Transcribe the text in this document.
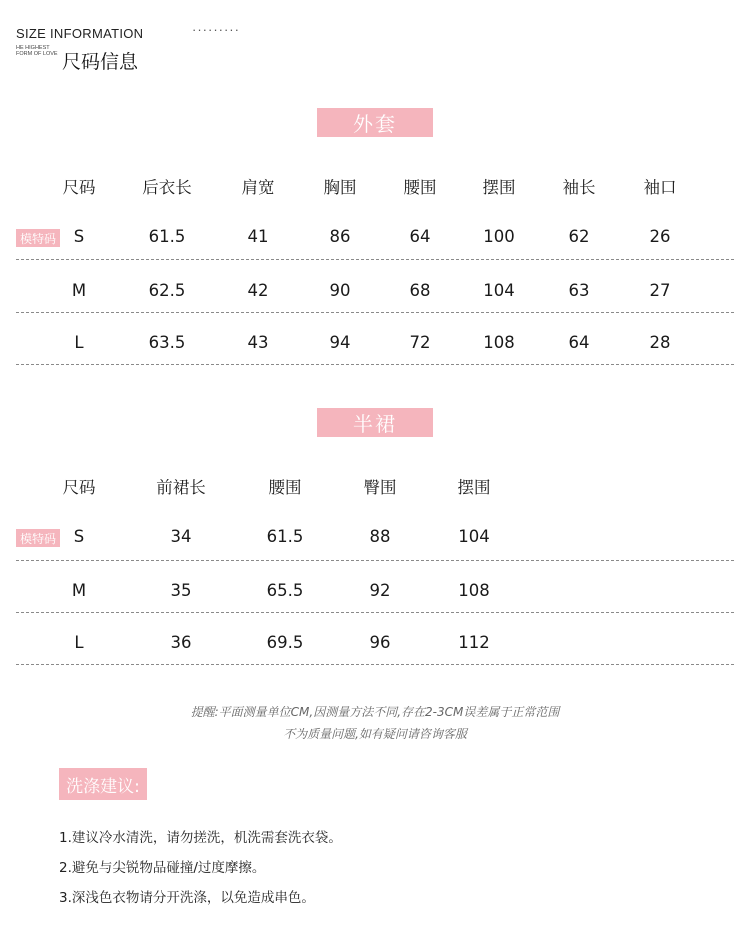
SIZE INFORMATION	·········
HE HIGHEST
FORM OF LOVE 尺码信息
外套
尺码	后衣长	肩宽	胸围	腰围	摆围	袖长	袖口
模特码 S	61.5	41	86	64	100	62	26
M	62.5	42	90	68	104	63	27
L	63.5	43	94	72	108	64	28
半裙
尺码	前裙长	腰围	臀围	摆围
模特码 S	34	61.5	88	104
M	35	65.5	92	108
L	36	69.5	96	112
提醒:平面测量单位CM,因测量方法不同,存在2-3CM误差属于正常范围
不为质量问题,如有疑问请咨询客服
洗涤建议:
1.建议冷水清洗，请勿搓洗，机洗需套洗衣袋。
2.避免与尖锐物品碰撞/过度摩擦。
3.深浅色衣物请分开洗涤，以免造成串色。
